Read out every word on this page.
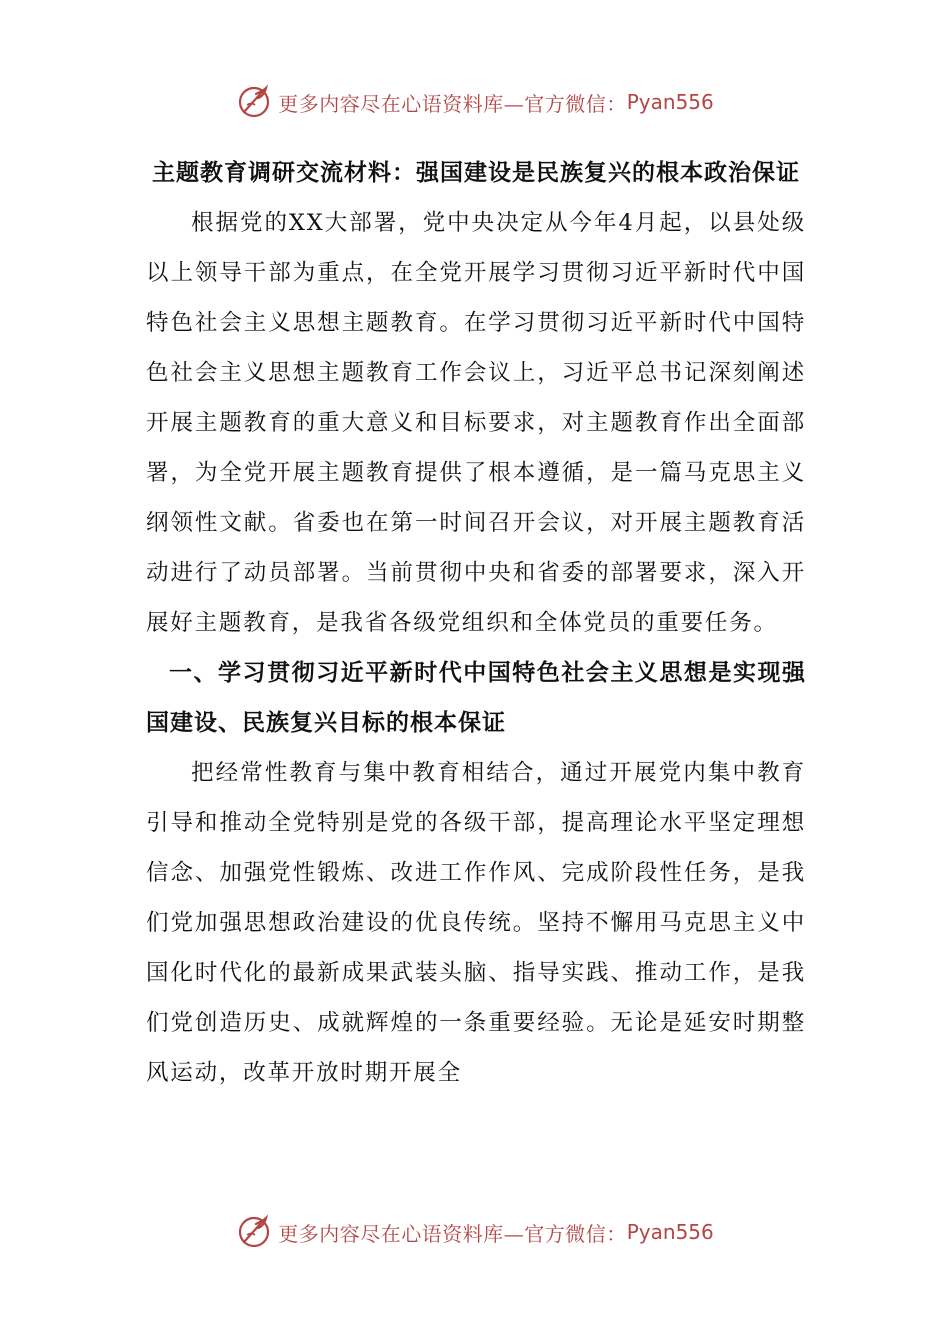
更多内容尽在心语资料库—官方微信： Pyan556
主题教育调研交流材料：强国建设是民族复兴的根本政治保证

根据党的XX大部署，党中央决定从今年4月起，以县处级以上领导干部为重点，在全党开展学习贯彻习近平新时代中国特色社会主义思想主题教育。在学习贯彻习近平新时代中国特色社会主义思想主题教育工作会议上，习近平总书记深刻阐述开展主题教育的重大意义和目标要求，对主题教育作出全面部署，为全党开展主题教育提供了根本遵循，是一篇马克思主义纲领性文献。省委也在第一时间召开会议，对开展主题教育活动进行了动员部署。当前贯彻中央和省委的部署要求，深入开展好主题教育，是我省各级党组织和全体党员的重要任务。

一、学习贯彻习近平新时代中国特色社会主义思想是实现强国建设、民族复兴目标的根本保证

把经常性教育与集中教育相结合，通过开展党内集中教育引导和推动全党特别是党的各级干部，提高理论水平坚定理想信念、加强党性锻炼、改进工作作风、完成阶段性任务，是我们党加强思想政治建设的优良传统。坚持不懈用马克思主义中国化时代化的最新成果武装头脑、指导实践、推动工作，是我们党创造历史、成就辉煌的一条重要经验。无论是延安时期整风运动，改革开放时期开展全

更多内容尽在心语资料库—官方微信： Pyan556
